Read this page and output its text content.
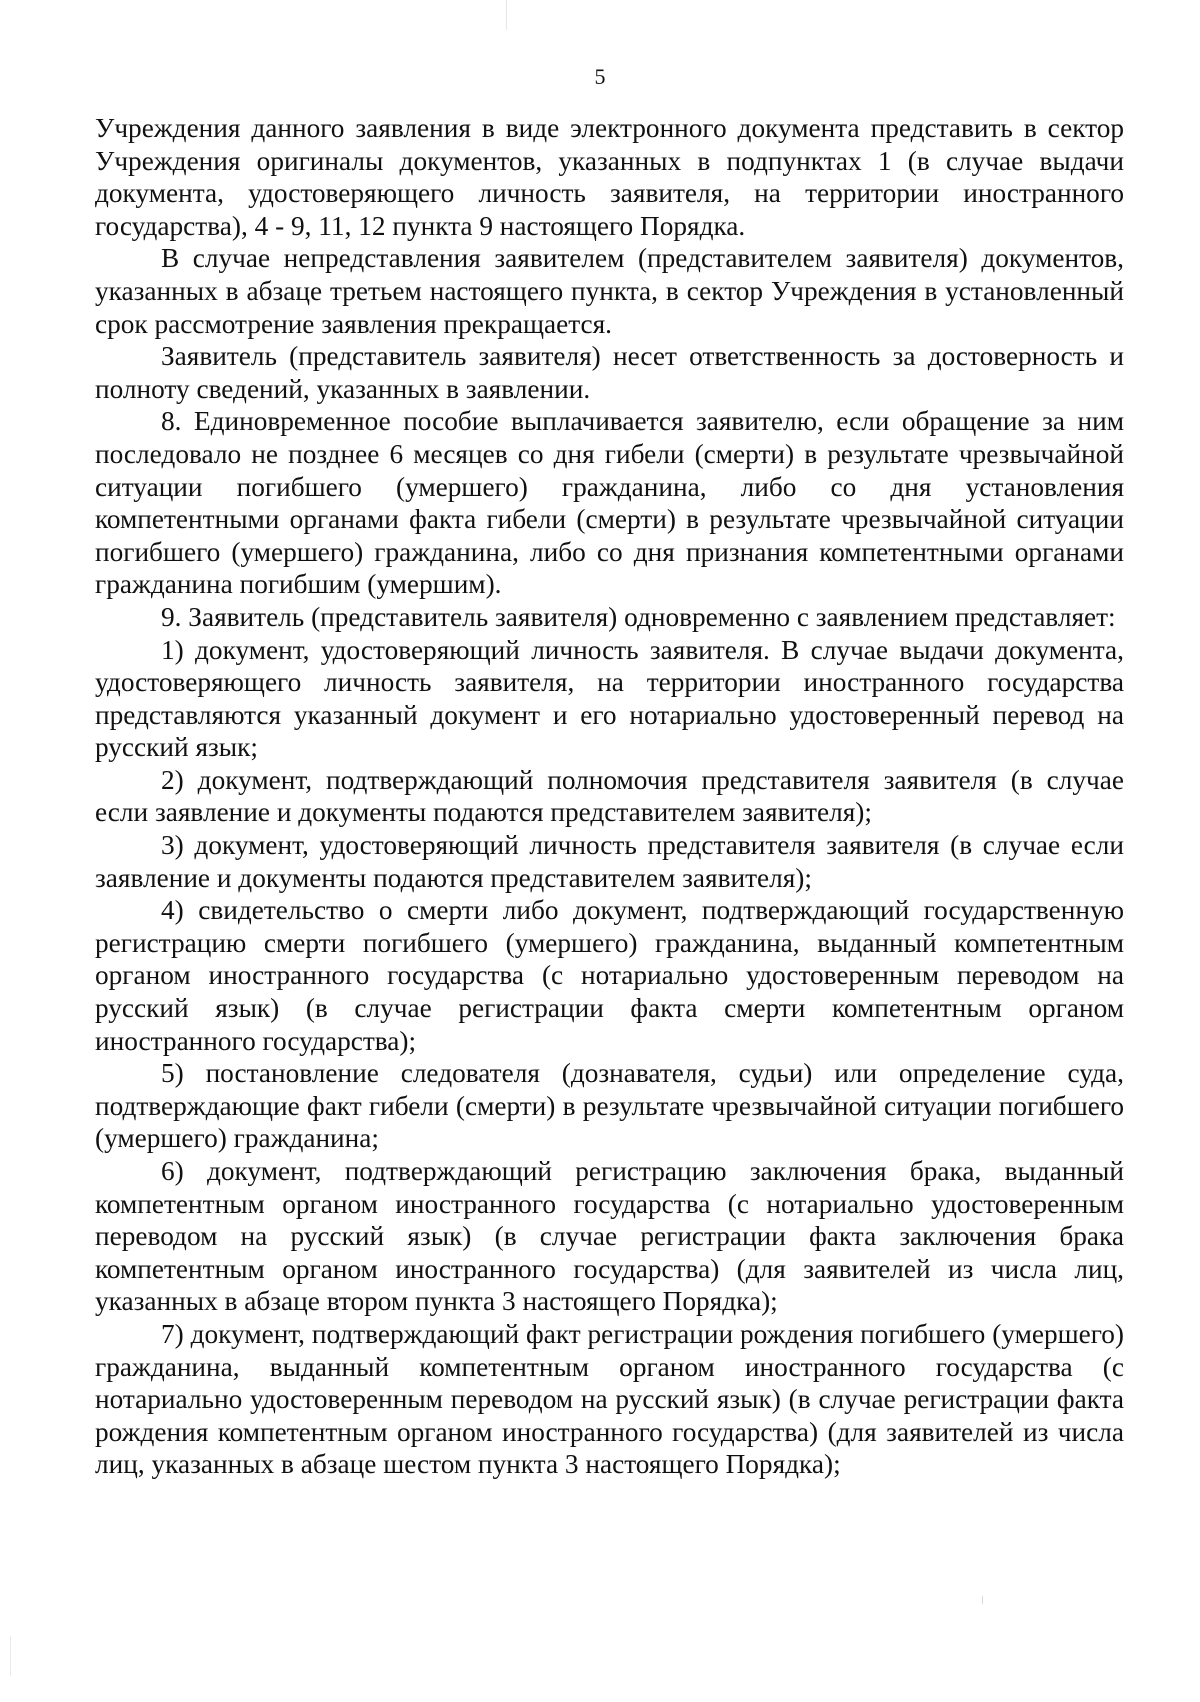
5

Учреждения данного заявления в виде электронного документа представить в сектор Учреждения оригиналы документов, указанных в подпунктах 1 (в случае выдачи документа, удостоверяющего личность заявителя, на территории иностранного государства), 4 - 9, 11, 12 пункта 9 настоящего Порядка.

В случае непредставления заявителем (представителем заявителя) документов, указанных в абзаце третьем настоящего пункта, в сектор Учреждения в установленный срок рассмотрение заявления прекращается.

Заявитель (представитель заявителя) несет ответственность за достоверность и полноту сведений, указанных в заявлении.

8. Единовременное пособие выплачивается заявителю, если обращение за ним последовало не позднее 6 месяцев со дня гибели (смерти) в результате чрезвычайной ситуации погибшего (умершего) гражданина, либо со дня установления компетентными органами факта гибели (смерти) в результате чрезвычайной ситуации погибшего (умершего) гражданина, либо со дня признания компетентными органами гражданина погибшим (умершим).

9. Заявитель (представитель заявителя) одновременно с заявлением представляет:

1) документ, удостоверяющий личность заявителя. В случае выдачи документа, удостоверяющего личность заявителя, на территории иностранного государства представляются указанный документ и его нотариально удостоверенный перевод на русский язык;

2) документ, подтверждающий полномочия представителя заявителя (в случае если заявление и документы подаются представителем заявителя);

3) документ, удостоверяющий личность представителя заявителя (в случае если заявление и документы подаются представителем заявителя);

4) свидетельство о смерти либо документ, подтверждающий государственную регистрацию смерти погибшего (умершего) гражданина, выданный компетентным органом иностранного государства (с нотариально удостоверенным переводом на русский язык) (в случае регистрации факта смерти компетентным органом иностранного государства);

5) постановление следователя (дознавателя, судьи) или определение суда, подтверждающие факт гибели (смерти) в результате чрезвычайной ситуации погибшего (умершего) гражданина;

6) документ, подтверждающий регистрацию заключения брака, выданный компетентным органом иностранного государства (с нотариально удостоверенным переводом на русский язык) (в случае регистрации факта заключения брака компетентным органом иностранного государства) (для заявителей из числа лиц, указанных в абзаце втором пункта 3 настоящего Порядка);

7) документ, подтверждающий факт регистрации рождения погибшего (умершего) гражданина, выданный компетентным органом иностранного государства (с нотариально удостоверенным переводом на русский язык) (в случае регистрации факта рождения компетентным органом иностранного государства) (для заявителей из числа лиц, указанных в абзаце шестом пункта 3 настоящего Порядка);
